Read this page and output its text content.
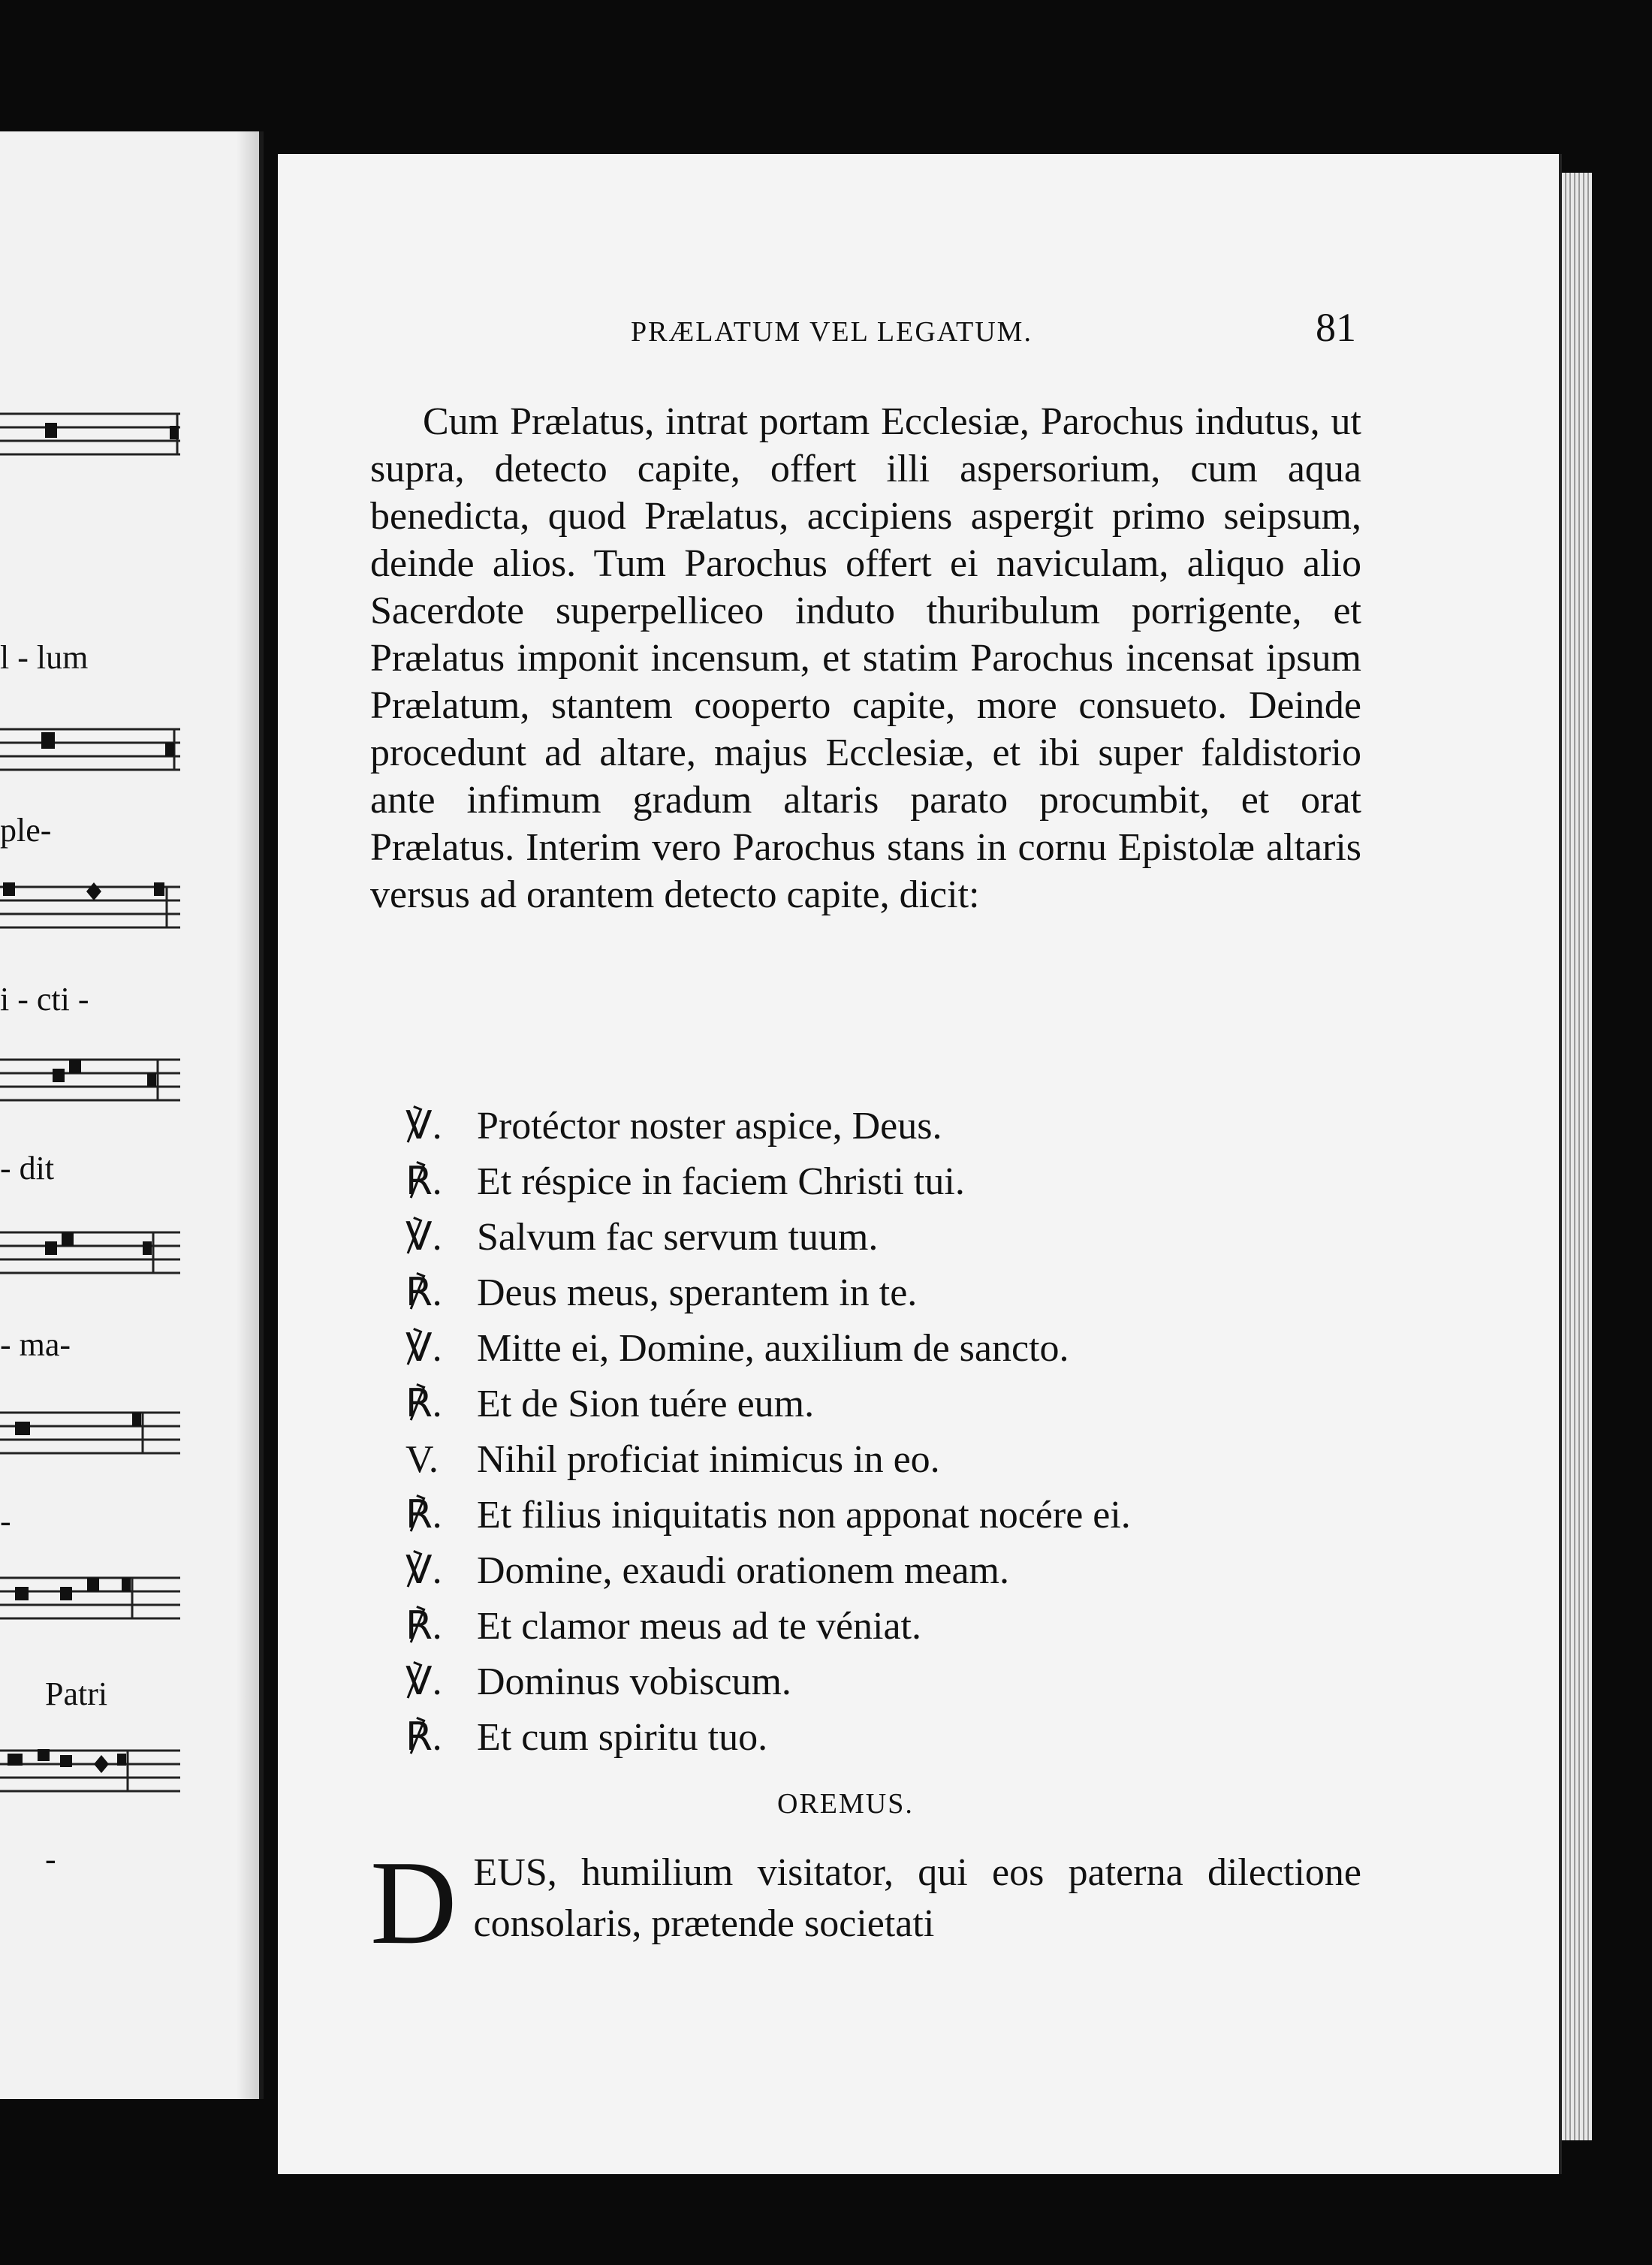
l - lum
ple-
i - cti -
- dit
- ma-
-
Patri
-
PRÆLATUM VEL LEGATUM.	81
Cum Prælatus, intrat portam Ecclesiæ, Parochus indutus, ut supra, detecto capite, offert illi aspersorium, cum aqua benedicta, quod Prælatus, accipiens aspergit primo seipsum, deinde alios. Tum Parochus offert ei naviculam, aliquo alio Sacerdote superpelliceo induto thuribulum porrigente, et Prælatus imponit incensum, et statim Parochus incensat ipsum Prælatum, stantem cooperto capite, more consueto. Deinde procedunt ad altare, majus Ecclesiæ, et ibi super faldistorio ante infimum gradum altaris parato procumbit, et orat Prælatus. Interim vero Parochus stans in cornu Epistolæ altaris versus ad orantem detecto capite, dicit:
℣. Protéctor noster aspice, Deus.
℟. Et réspice in faciem Christi tui.
℣. Salvum fac servum tuum.
℟. Deus meus, sperantem in te.
℣. Mitte ei, Domine, auxilium de sancto.
℟. Et de Sion tuére eum.
V. Nihil proficiat inimicus in eo.
℟. Et filius iniquitatis non apponat nocére ei.
℣. Domine, exaudi orationem meam.
℟. Et clamor meus ad te véniat.
℣. Dominus vobiscum.
℟. Et cum spiritu tuo.
OREMUS.
D EUS, humilium visitator, qui eos paterna dilectione consolaris, prætende societati
